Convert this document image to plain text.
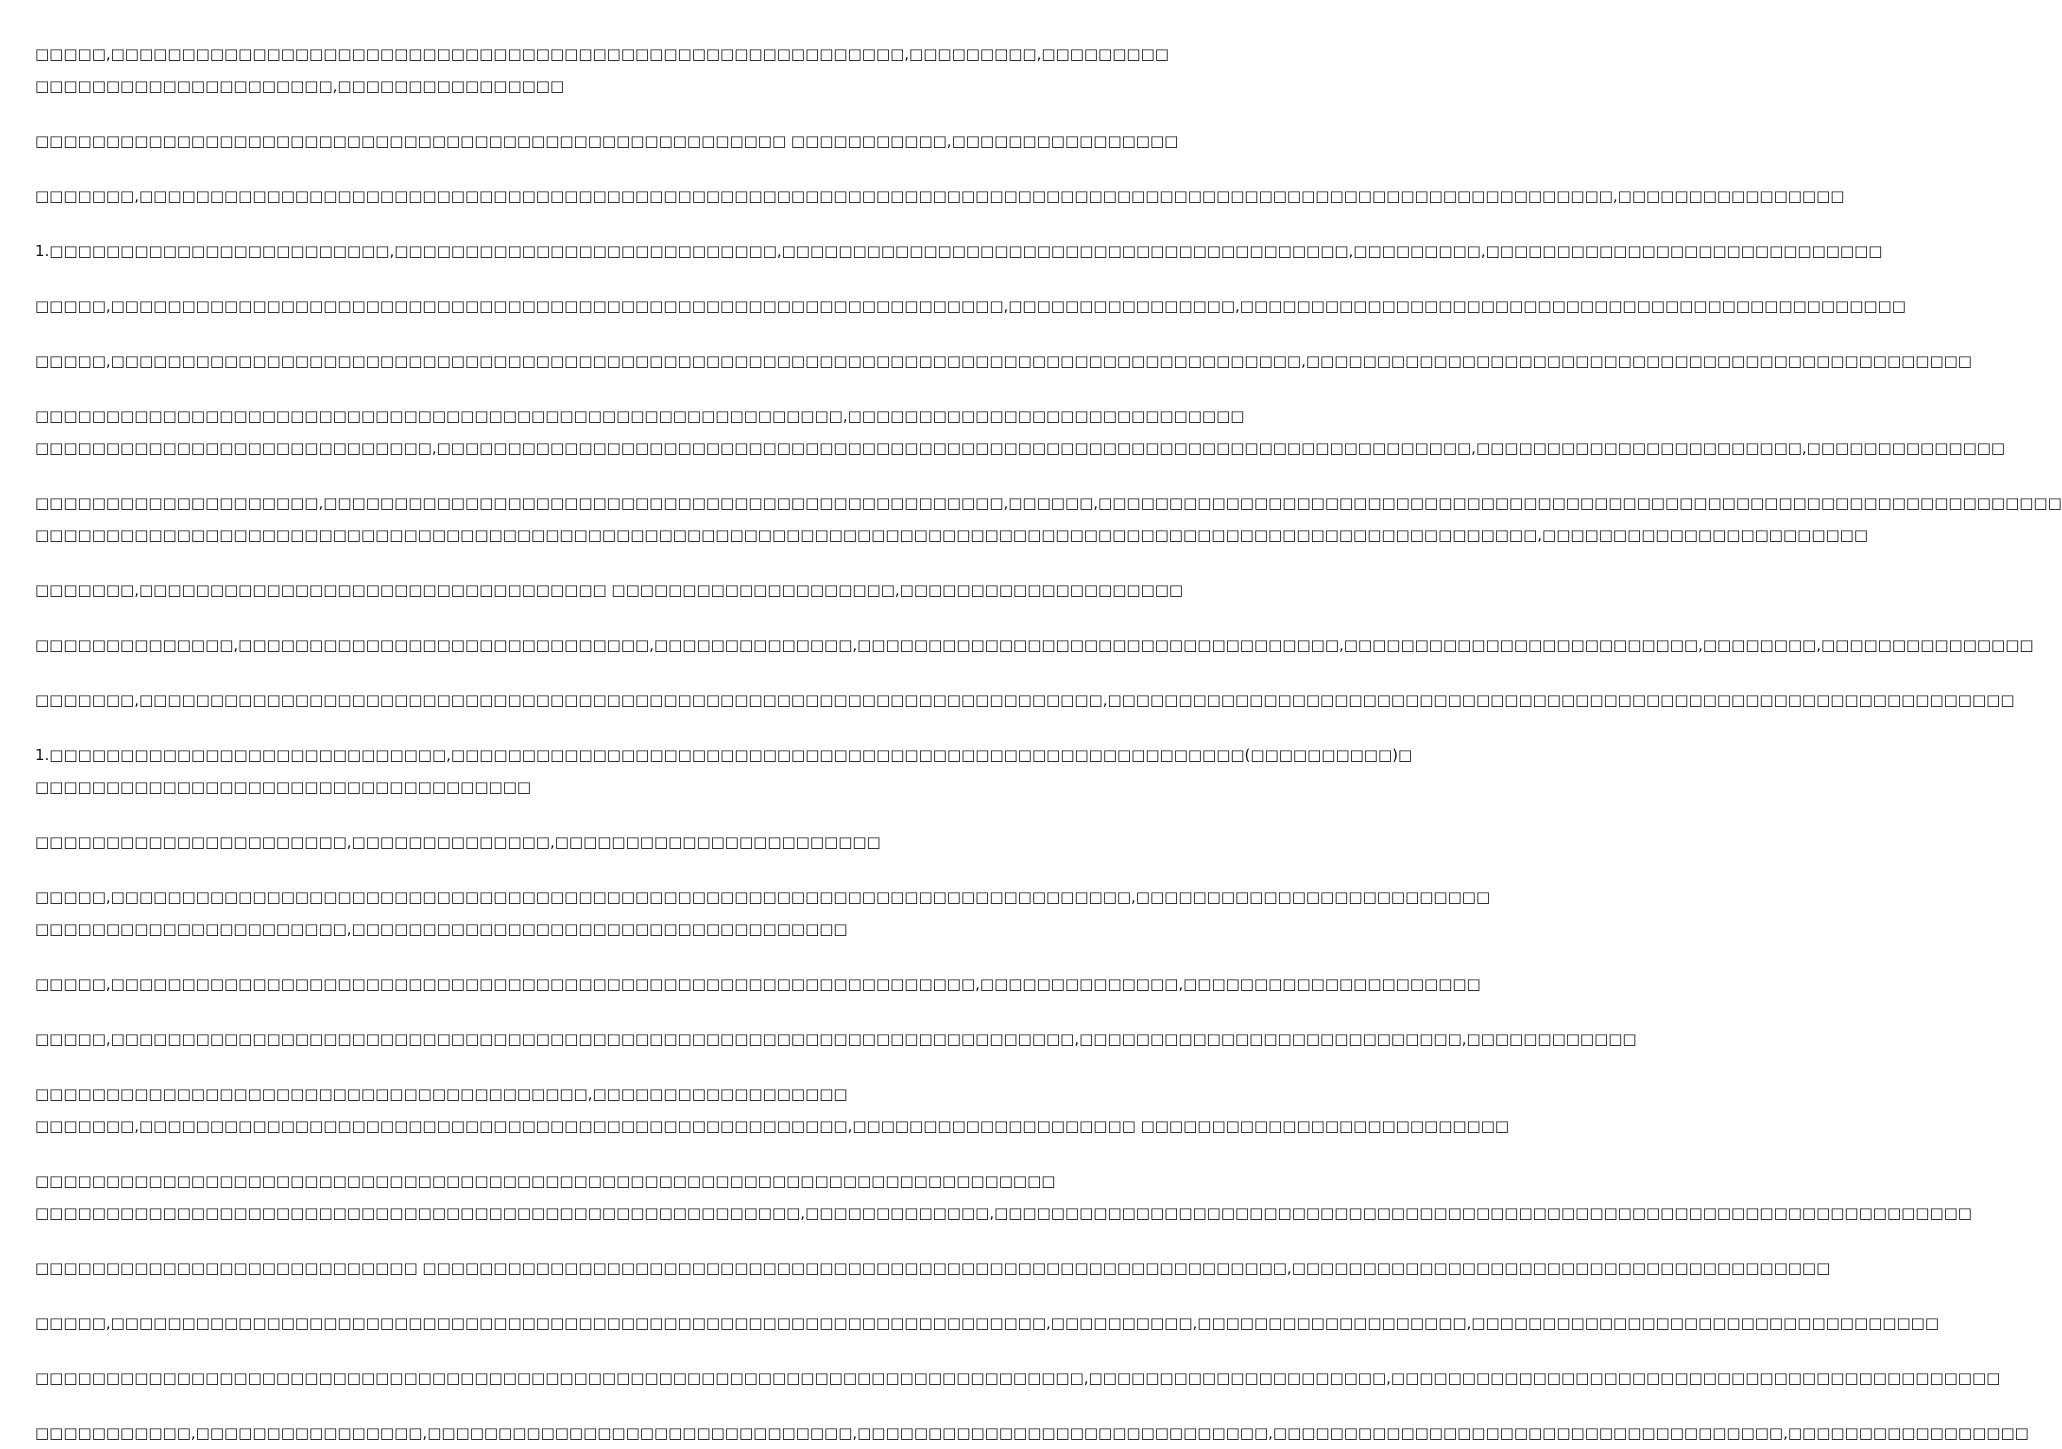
□□□□□,□□□□□□□□□□□□□□□□□□□□□□□□□□□□□□□□□□□□□□□□□□□□□□□□□□□□□□□□,□□□□□□□□□,□□□□□□□□□
□□□□□□□□□□□□□□□□□□□□□,□□□□□□□□□□□□□□□□
□□□□□□□□□□□□□□□□□□□□□□□□□□□□□□□□□□□□□□□□□□□□□□□□□□□□□ □□□□□□□□□□□,□□□□□□□□□□□□□□□□
□□□□□□□,□□□□□□□□□□□□□□□□□□□□□□□□□□□□□□□□□□□□□□□□□□□□□□□□□□□□□□□□□□□□□□□□□□□□□□□□□□□□□□□□□□□□□□□□□□□□□□□□□□□□□□□□,□□□□□□□□□□□□□□□□
1.□□□□□□□□□□□□□□□□□□□□□□□□,□□□□□□□□□□□□□□□□□□□□□□□□□□□,□□□□□□□□□□□□□□□□□□□□□□□□□□□□□□□□□□□□□□□□,□□□□□□□□□,□□□□□□□□□□□□□□□□□□□□□□□□□□□□
□□□□□,□□□□□□□□□□□□□□□□□□□□□□□□□□□□□□□□□□□□□□□□□□□□□□□□□□□□□□□□□□□□□□□,□□□□□□□□□□□□□□□□,□□□□□□□□□□□□□□□□□□□□□□□□□□□□□□□□□□□□□□□□□□□□□□□
□□□□□,□□□□□□□□□□□□□□□□□□□□□□□□□□□□□□□□□□□□□□□□□□□□□□□□□□□□□□□□□□□□□□□□□□□□□□□□□□□□□□□□□□□□,□□□□□□□□□□□□□□□□□□□□□□□□□□□□□□□□□□□□□□□□□□□□□□□
□□□□□□□□□□□□□□□□□□□□□□□□□□□□□□□□□□□□□□□□□□□□□□□□□□□□□□□□□,□□□□□□□□□□□□□□□□□□□□□□□□□□□□
□□□□□□□□□□□□□□□□□□□□□□□□□□□□,□□□□□□□□□□□□□□□□□□□□□□□□□□□□□□□□□□□□□□□□□□□□□□□□□□□□□□□□□□□□□□□□□□□□□□□□□,□□□□□□□□□□□□□□□□□□□□□□□,□□□□□□□□□□□□□□
□□□□□□□□□□□□□□□□□□□□,□□□□□□□□□□□□□□□□□□□□□□□□□□□□□□□□□□□□□□□□□□□□□□□□,□□□□□□,□□□□□□□□□□□□□□□□□□□□□□□□□□□□□□□□□□□□□□□□□□□□□□□□□□□□□□□□□□□□□□□□□□□□
□□□□□□□□□□□□□□□□□□□□□□□□□□□□□□□□□□□□□□□□□□□□□□□□□□□□□□□□□□□□□□□□□□□□□□□□□□□□□□□□□□□□□□□□□□□□□□□□□□□□□□□□□□,□□□□□□□□□□□□□□□□□□□□□□□
□□□□□□□,□□□□□□□□□□□□□□□□□□□□□□□□□□□□□□□□□ □□□□□□□□□□□□□□□□□□□□,□□□□□□□□□□□□□□□□□□□□
□□□□□□□□□□□□□□,□□□□□□□□□□□□□□□□□□□□□□□□□□□□□,□□□□□□□□□□□□□□,□□□□□□□□□□□□□□□□□□□□□□□□□□□□□□□□□□,□□□□□□□□□□□□□□□□□□□□□□□□□,□□□□□□□□,□□□□□□□□□□□□□□□
□□□□□□□,□□□□□□□□□□□□□□□□□□□□□□□□□□□□□□□□□□□□□□□□□□□□□□□□□□□□□□□□□□□□□□□□□□□□,□□□□□□□□□□□□□□□□□□□□□□□□□□□□□□□□□□□□□□□□□□□□□□□□□□□□□□□□□□□□□□□□
1.□□□□□□□□□□□□□□□□□□□□□□□□□□□□,□□□□□□□□□□□□□□□□□□□□□□□□□□□□□□□□□□□□□□□□□□□□□□□□□□□□□□□□(□□□□□□□□□□)□
□□□□□□□□□□□□□□□□□□□□□□□□□□□□□□□□□□□
□□□□□□□□□□□□□□□□□□□□□□,□□□□□□□□□□□□□□,□□□□□□□□□□□□□□□□□□□□□□□
□□□□□,□□□□□□□□□□□□□□□□□□□□□□□□□□□□□□□□□□□□□□□□□□□□□□□□□□□□□□□□□□□□□□□□□□□□□□□□,□□□□□□□□□□□□□□□□□□□□□□□□□
□□□□□□□□□□□□□□□□□□□□□□,□□□□□□□□□□□□□□□□□□□□□□□□□□□□□□□□□□□
□□□□□,□□□□□□□□□□□□□□□□□□□□□□□□□□□□□□□□□□□□□□□□□□□□□□□□□□□□□□□□□□□□□,□□□□□□□□□□□□□□,□□□□□□□□□□□□□□□□□□□□□
□□□□□,□□□□□□□□□□□□□□□□□□□□□□□□□□□□□□□□□□□□□□□□□□□□□□□□□□□□□□□□□□□□□□□□□□□□,□□□□□□□□□□□□□□□□□□□□□□□□□□□,□□□□□□□□□□□□
□□□□□□□□□□□□□□□□□□□□□□□□□□□□□□□□□□□□□□□,□□□□□□□□□□□□□□□□□□
□□□□□□□,□□□□□□□□□□□□□□□□□□□□□□□□□□□□□□□□□□□□□□□□□□□□□□□□□□,□□□□□□□□□□□□□□□□□□□□ □□□□□□□□□□□□□□□□□□□□□□□□□□
□□□□□□□□□□□□□□□□□□□□□□□□□□□□□□□□□□□□□□□□□□□□□□□□□□□□□□□□□□□□□□□□□□□□□□□□
□□□□□□□□□□□□□□□□□□□□□□□□□□□□□□□□□□□□□□□□□□□□□□□□□□□□□□,□□□□□□□□□□□□□,□□□□□□□□□□□□□□□□□□□□□□□□□□□□□□□□□□□□□□□□□□□□□□□□□□□□□□□□□□□□□□□□□□□□□
□□□□□□□□□□□□□□□□□□□□□□□□□□□ □□□□□□□□□□□□□□□□□□□□□□□□□□□□□□□□□□□□□□□□□□□□□□□□□□□□□□□□□□□□□,□□□□□□□□□□□□□□□□□□□□□□□□□□□□□□□□□□□□□□
□□□□□,□□□□□□□□□□□□□□□□□□□□□□□□□□□□□□□□□□□□□□□□□□□□□□□□□□□□□□□□□□□□□□□□□□,□□□□□□□□□□,□□□□□□□□□□□□□□□□□□□,□□□□□□□□□□□□□□□□□□□□□□□□□□□□□□□□□
□□□□□□□□□□□□□□□□□□□□□□□□□□□□□□□□□□□□□□□□□□□□□□□□□□□□□□□□□□□□□□□□□□□□□□□□□□,□□□□□□□□□□□□□□□□□□□□□,□□□□□□□□□□□□□□□□□□□□□□□□□□□□□□□□□□□□□□□□□□□
□□□□□□□□□□□,□□□□□□□□□□□□□□□□,□□□□□□□□□□□□□□□□□□□□□□□□□□□□□□,□□□□□□□□□□□□□□□□□□□□□□□□□□□□□,□□□□□□□□□□□□□□□□□□□□□□□□□□□□□□□□□□□□,□□□□□□□□□□□□□□□□□
